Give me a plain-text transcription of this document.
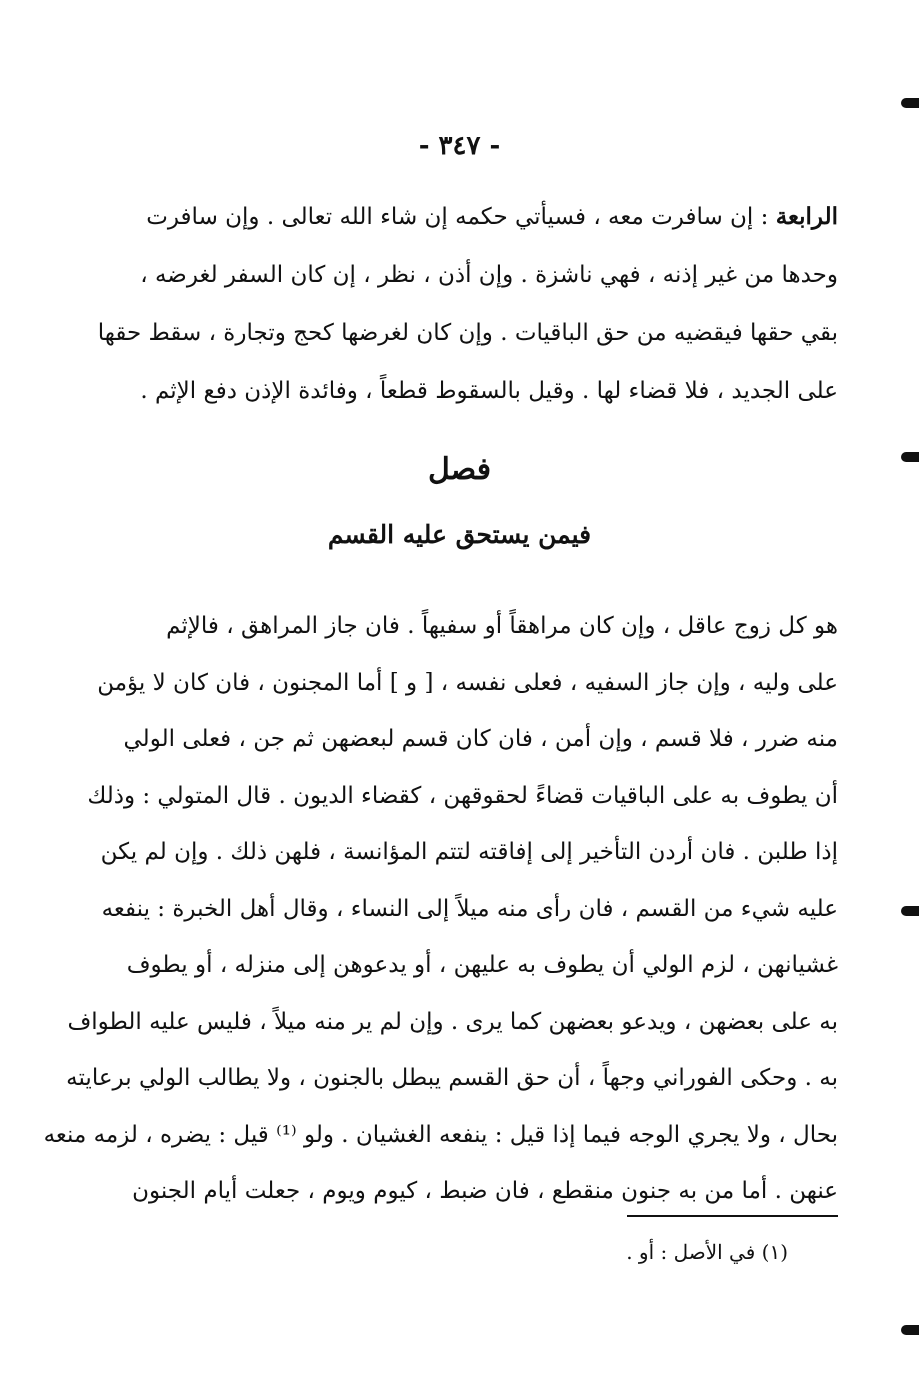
- ٣٤٧ -
الرابعة : إن سافرت معه ، فسيأتي حكمه إن شاء الله تعالى . وإن سافرت
وحدها من غير إذنه ، فهي ناشزة . وإن أذن ، نظر ، إن كان السفر لغرضه ،
بقي حقها فيقضيه من حق الباقيات . وإن كان لغرضها كحج وتجارة ، سقط حقها
على الجديد ، فلا قضاء لها . وقيل بالسقوط قطعاً ، وفائدة الإذن دفع الإثم .
فصل
فيمن يستحق عليه القسم
هو كل زوج عاقل ، وإن كان مراهقاً أو سفيهاً . فان جاز المراهق ، فالإثم
على وليه ، وإن جاز السفيه ، فعلى نفسه ، [ و ] أما المجنون ، فان كان لا يؤمن
منه ضرر ، فلا قسم ، وإن أمن ، فان كان قسم لبعضهن ثم جن ، فعلى الولي
أن يطوف به على الباقيات قضاءً لحقوقهن ، كقضاء الديون . قال المتولي : وذلك
إذا طلبن . فان أردن التأخير إلى إفاقته لتتم المؤانسة ، فلهن ذلك . وإن لم يكن
عليه شيء من القسم ، فان رأى منه ميلاً إلى النساء ، وقال أهل الخبرة : ينفعه
غشيانهن ، لزم الولي أن يطوف به عليهن ، أو يدعوهن إلى منزله ، أو يطوف
به على بعضهن ، ويدعو بعضهن كما يرى . وإن لم ير منه ميلاً ، فليس عليه الطواف
به . وحكى الفوراني وجهاً ، أن حق القسم يبطل بالجنون ، ولا يطالب الولي برعايته
بحال ، ولا يجري الوجه فيما إذا قيل : ينفعه الغشيان . ولو ⁽¹⁾ قيل : يضره ، لزمه منعه
عنهن . أما من به جنون منقطع ، فان ضبط ، كيوم ويوم ، جعلت أيام الجنون
(١) في الأصل : أو .
